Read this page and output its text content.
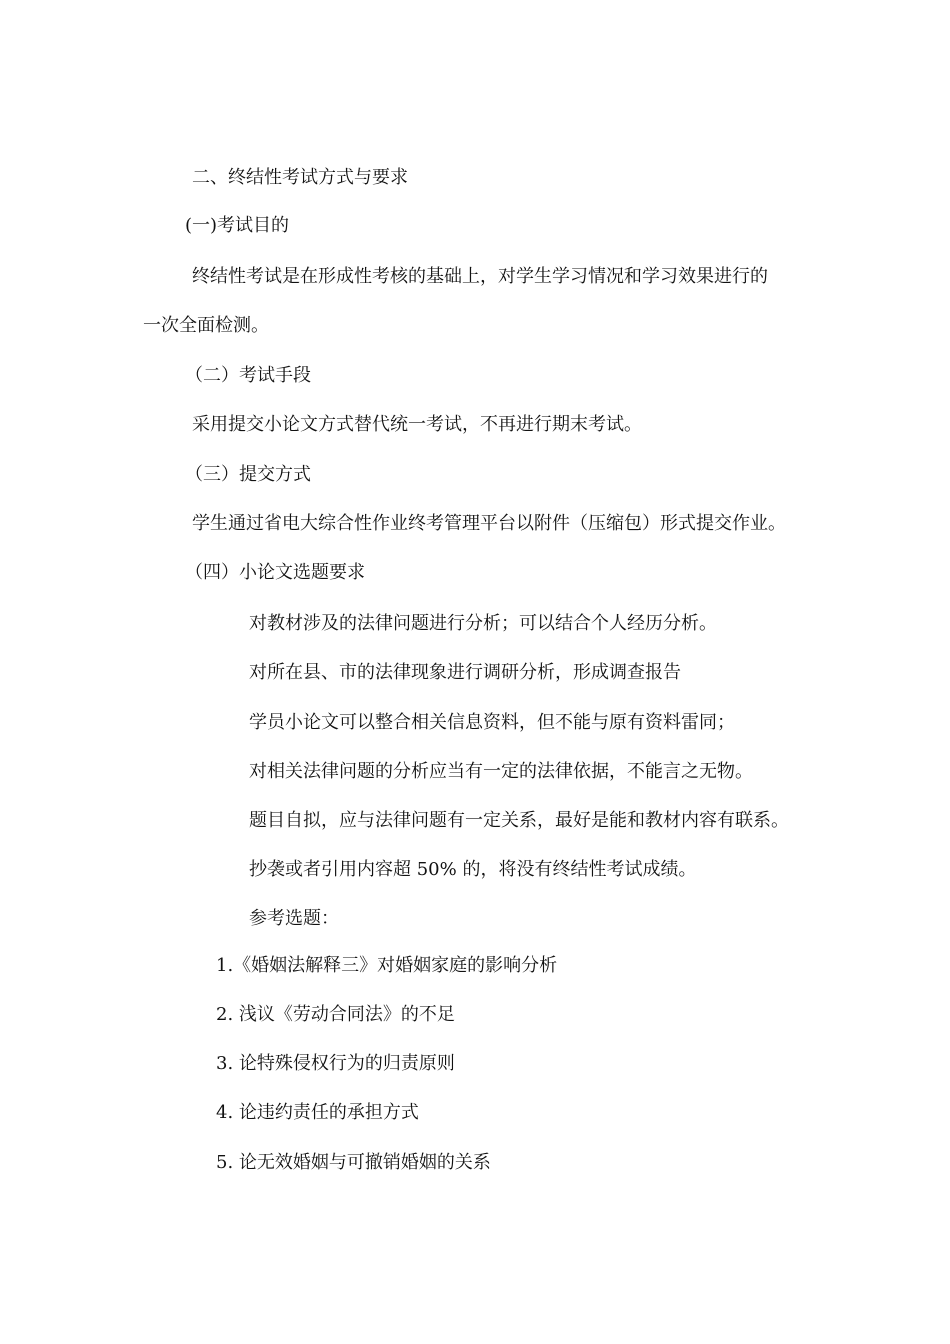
二、终结性考试方式与要求
(一)考试目的
终结性考试是在形成性考核的基础上，对学生学习情况和学习效果进行的
一次全面检测。
（二）考试手段
采用提交小论文方式替代统一考试，不再进行期末考试。
（三）提交方式
学生通过省电大综合性作业终考管理平台以附件（压缩包）形式提交作业。
（四）小论文选题要求
对教材涉及的法律问题进行分析；可以结合个人经历分析。
对所在县、市的法律现象进行调研分析，形成调查报告
学员小论文可以整合相关信息资料，但不能与原有资料雷同；
对相关法律问题的分析应当有一定的法律依据，不能言之无物。
题目自拟，应与法律问题有一定关系，最好是能和教材内容有联系。
抄袭或者引用内容超 50% 的，将没有终结性考试成绩。
参考选题：
1.《婚姻法解释三》对婚姻家庭的影响分析
2. 浅议《劳动合同法》的不足
3. 论特殊侵权行为的归责原则
4. 论违约责任的承担方式
5. 论无效婚姻与可撤销婚姻的关系
